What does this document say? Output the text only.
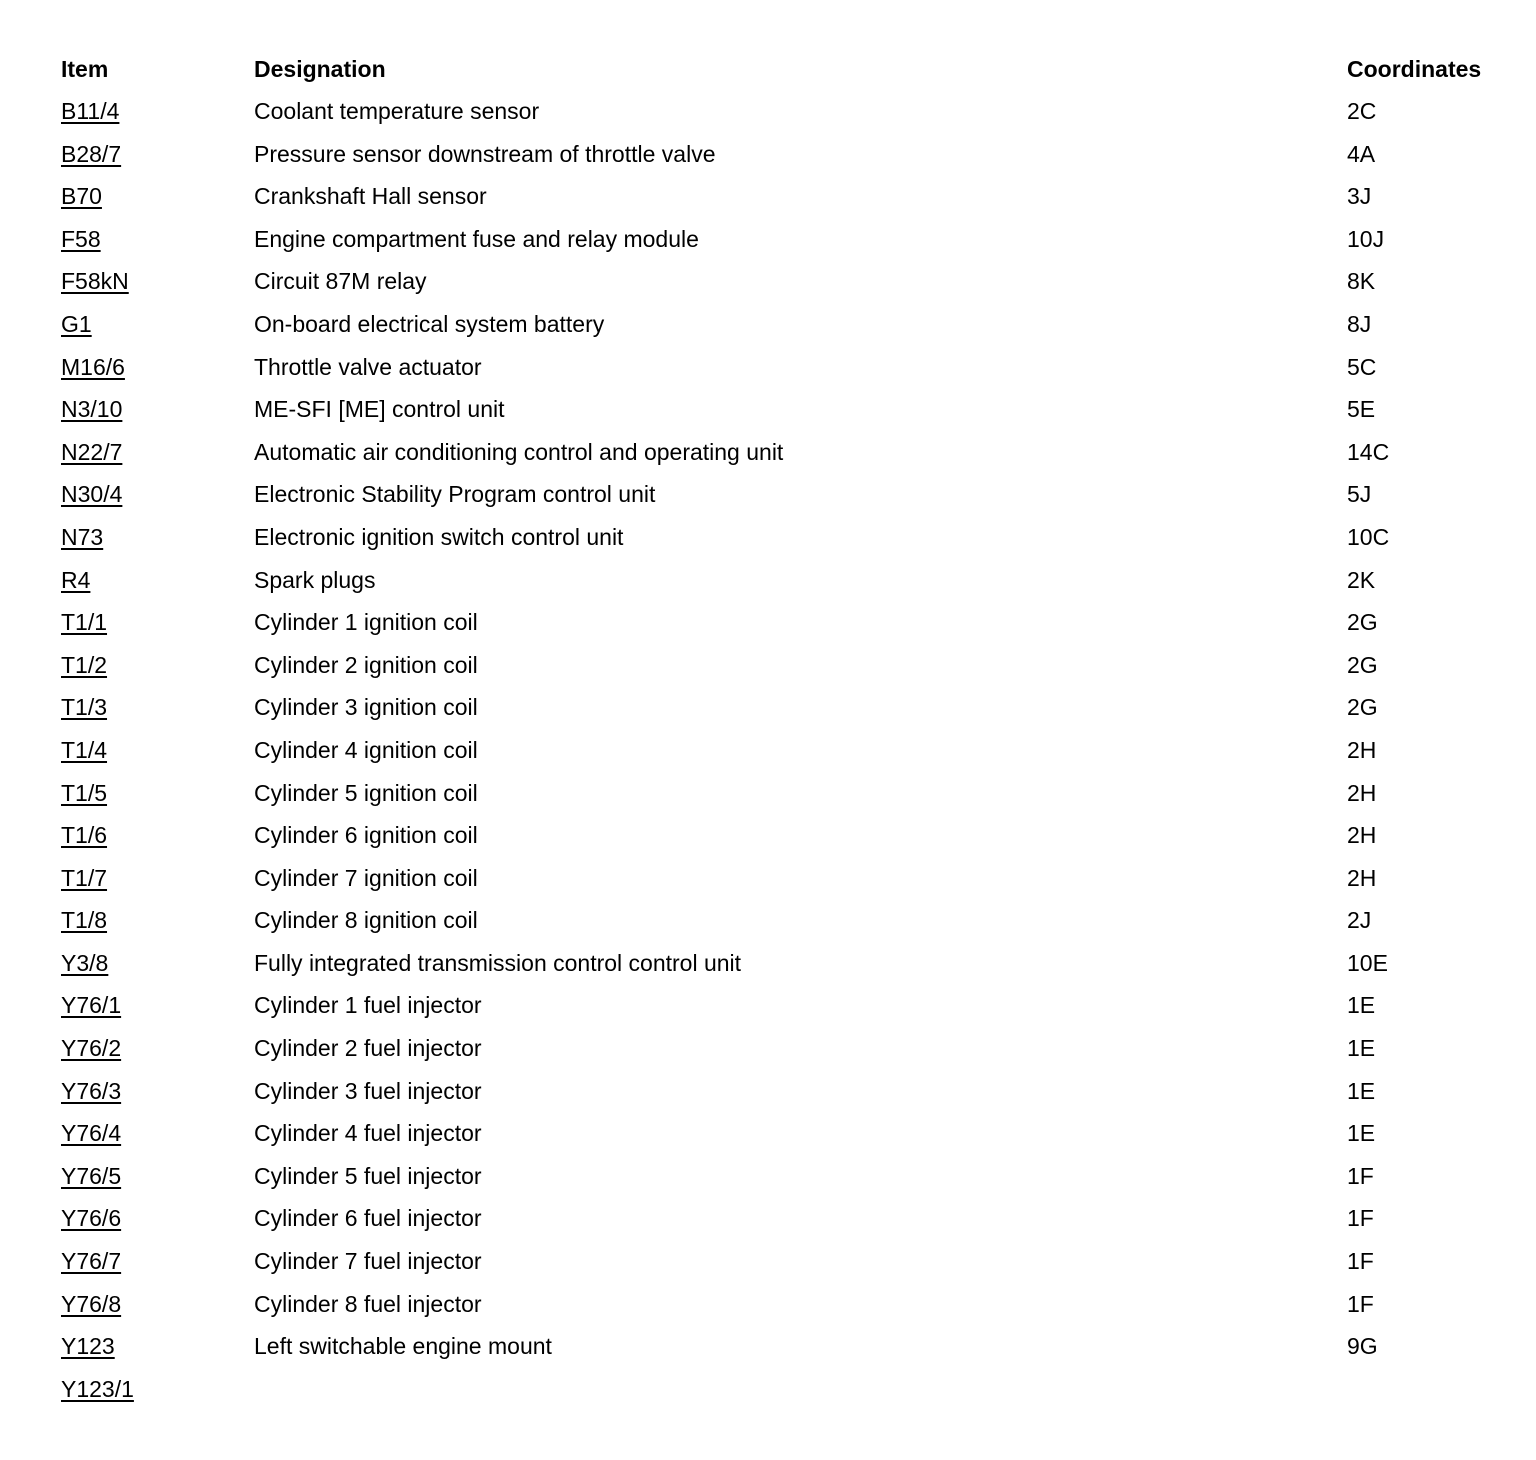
Item	Designation	Coordinates
B11/4	Coolant temperature sensor	2C
B28/7	Pressure sensor downstream of throttle valve	4A
B70	Crankshaft Hall sensor	3J
F58	Engine compartment fuse and relay module	10J
F58kN	Circuit 87M relay	8K
G1	On-board electrical system battery	8J
M16/6	Throttle valve actuator	5C
N3/10	ME-SFI [ME] control unit	5E
N22/7	Automatic air conditioning control and operating unit	14C
N30/4	Electronic Stability Program control unit	5J
N73	Electronic ignition switch control unit	10C
R4	Spark plugs	2K
T1/1	Cylinder 1 ignition coil	2G
T1/2	Cylinder 2 ignition coil	2G
T1/3	Cylinder 3 ignition coil	2G
T1/4	Cylinder 4 ignition coil	2H
T1/5	Cylinder 5 ignition coil	2H
T1/6	Cylinder 6 ignition coil	2H
T1/7	Cylinder 7 ignition coil	2H
T1/8	Cylinder 8 ignition coil	2J
Y3/8	Fully integrated transmission control control unit	10E
Y76/1	Cylinder 1 fuel injector	1E
Y76/2	Cylinder 2 fuel injector	1E
Y76/3	Cylinder 3 fuel injector	1E
Y76/4	Cylinder 4 fuel injector	1E
Y76/5	Cylinder 5 fuel injector	1F
Y76/6	Cylinder 6 fuel injector	1F
Y76/7	Cylinder 7 fuel injector	1F
Y76/8	Cylinder 8 fuel injector	1F
Y123	Left switchable engine mount	9G
Y123/1
